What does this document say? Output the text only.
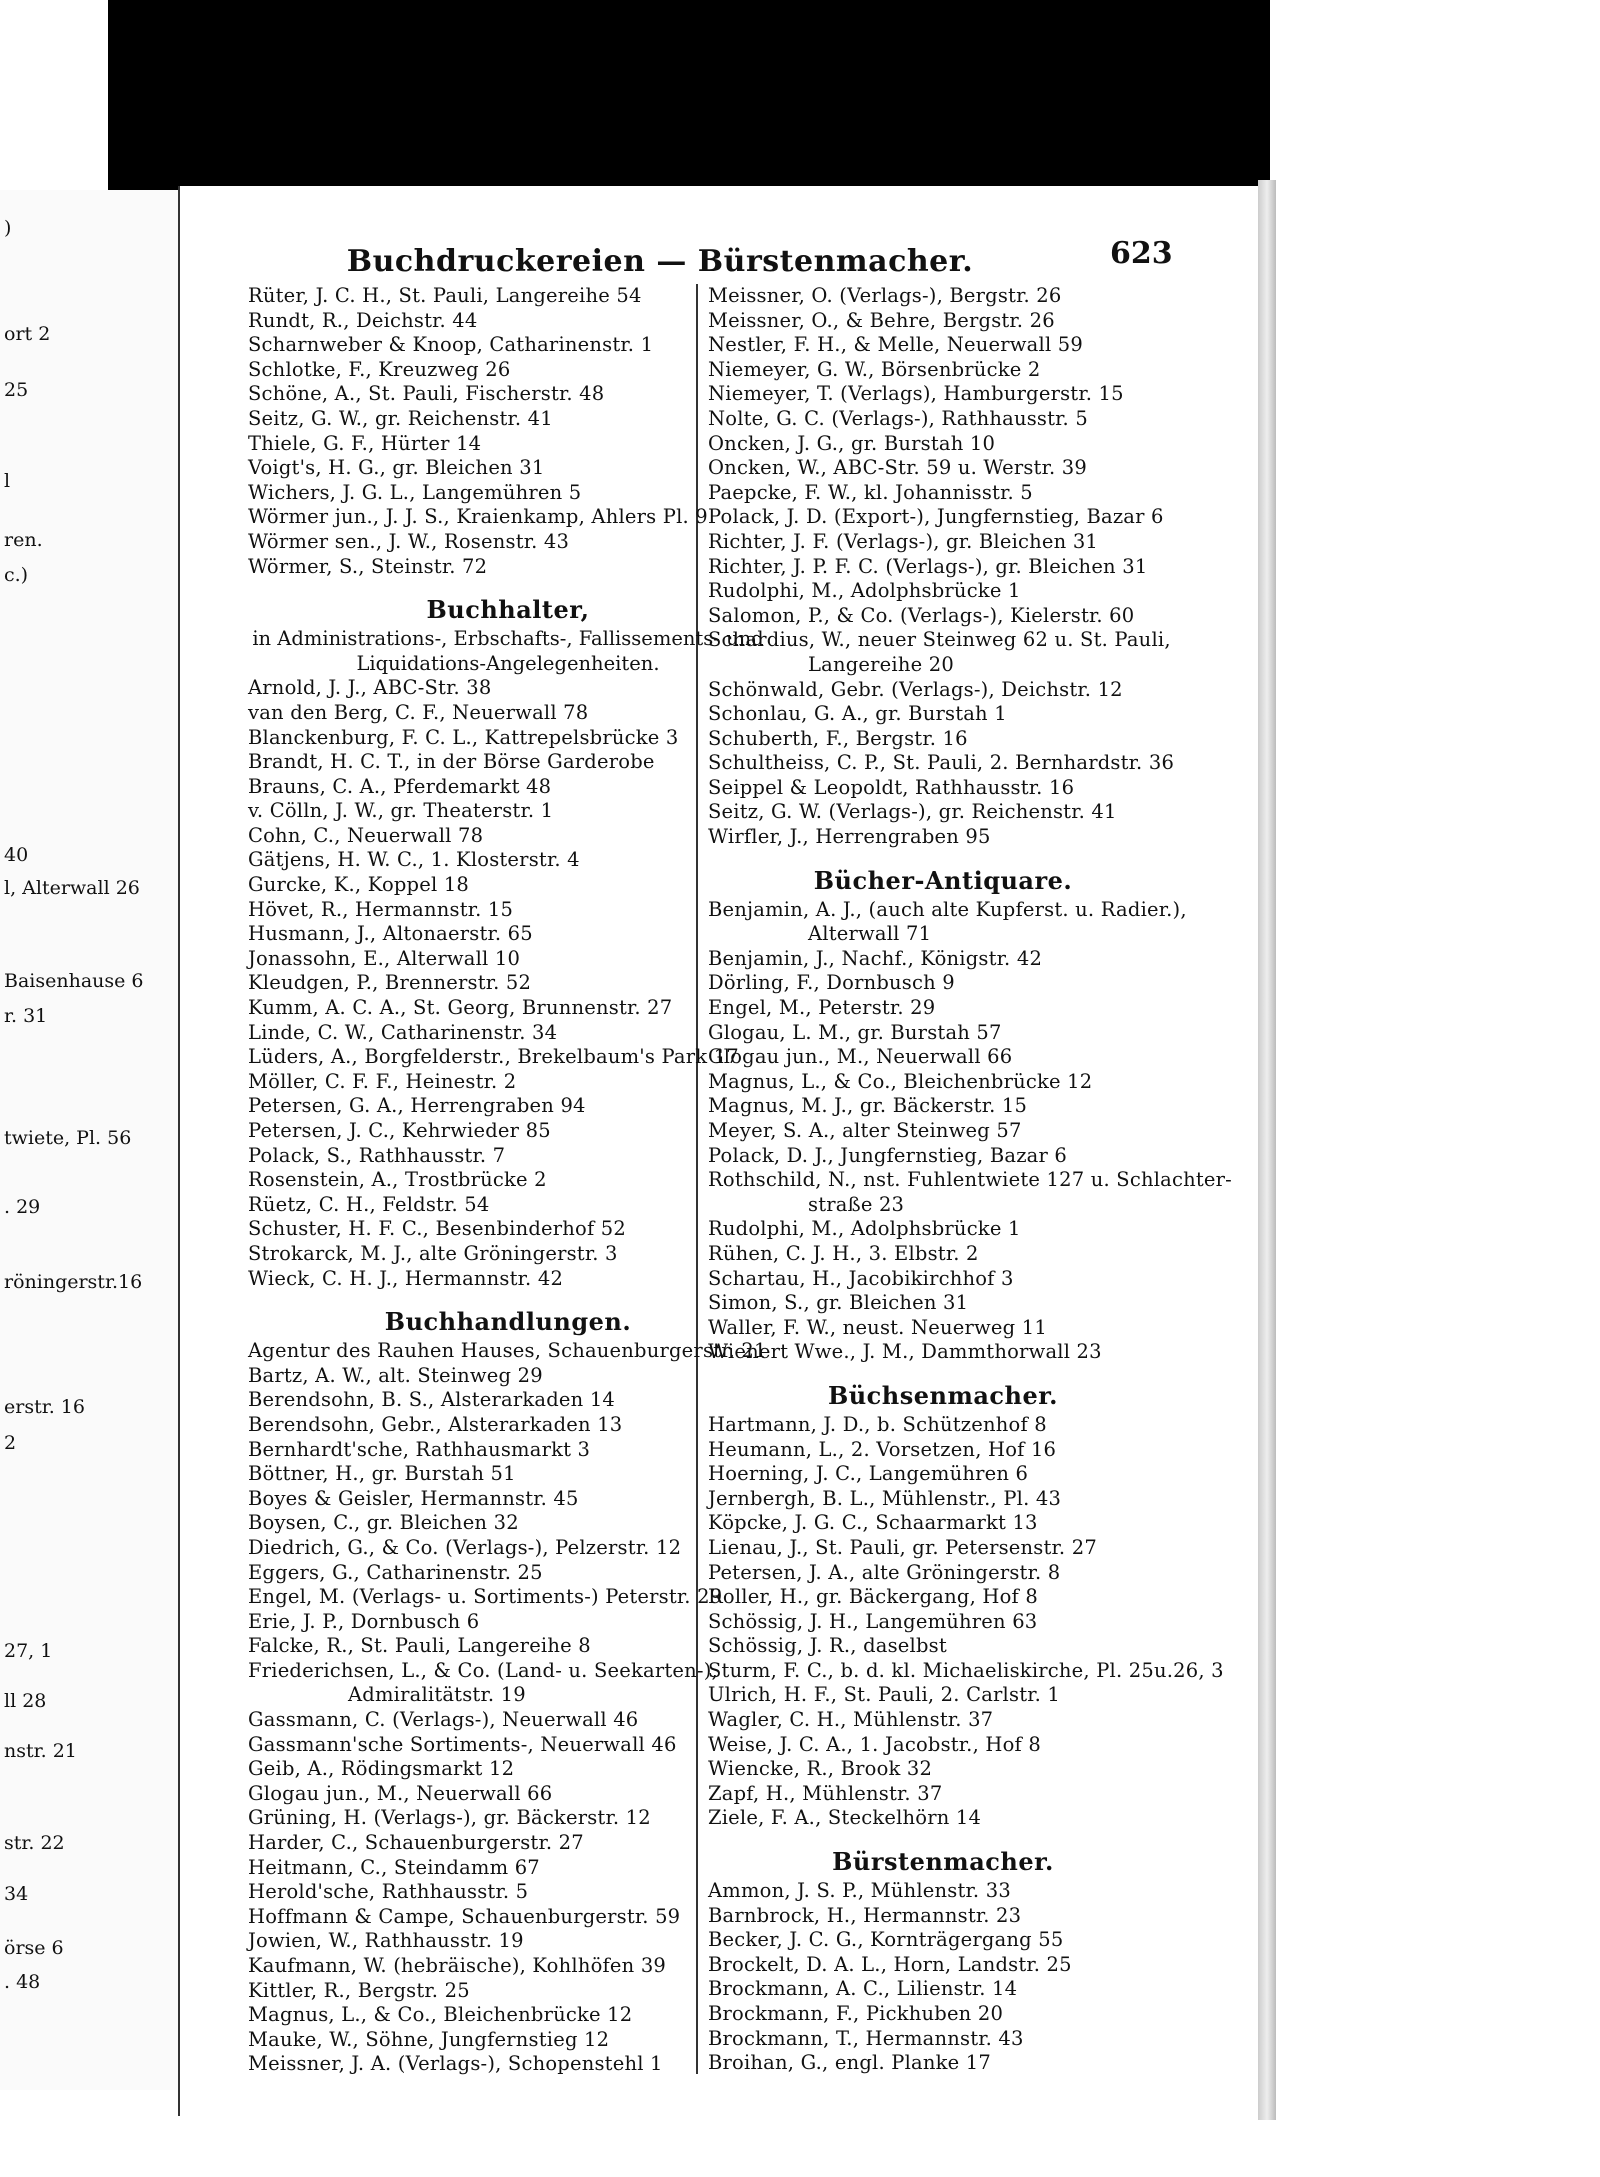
)
ort 2
25
l
ren.
c.)
40
l, Alterwall 26
Baisenhause 6
r. 31
twiete, Pl. 56
. 29
röningerstr.16
erstr. 16
2
27, 1
ll 28
nstr. 21
str. 22
34
örse 6
. 48
Buchdruckereien — Bürstenmacher.	623
Rüter, J. C. H., St. Pauli, Langereihe 54
Rundt, R., Deichstr. 44
Scharnweber & Knoop, Catharinenstr. 1
Schlotke, F., Kreuzweg 26
Schöne, A., St. Pauli, Fischerstr. 48
Seitz, G. W., gr. Reichenstr. 41
Thiele, G. F., Hürter 14
Voigt's, H. G., gr. Bleichen 31
Wichers, J. G. L., Langemühren 5
Wörmer jun., J. J. S., Kraienkamp, Ahlers Pl. 9
Wörmer sen., J. W., Rosenstr. 43
Wörmer, S., Steinstr. 72
Buchhalter,
in Administrations-, Erbschafts-, Fallissements- und
Liquidations-Angelegenheiten.
Arnold, J. J., ABC-Str. 38
van den Berg, C. F., Neuerwall 78
Blanckenburg, F. C. L., Kattrepelsbrücke 3
Brandt, H. C. T., in der Börse Garderobe
Brauns, C. A., Pferdemarkt 48
v. Cölln, J. W., gr. Theaterstr. 1
Cohn, C., Neuerwall 78
Gätjens, H. W. C., 1. Klosterstr. 4
Gurcke, K., Koppel 18
Hövet, R., Hermannstr. 15
Husmann, J., Altonaerstr. 65
Jonassohn, E., Alterwall 10
Kleudgen, P., Brennerstr. 52
Kumm, A. C. A., St. Georg, Brunnenstr. 27
Linde, C. W., Catharinenstr. 34
Lüders, A., Borgfelderstr., Brekelbaum's Park 17
Möller, C. F. F., Heinestr. 2
Petersen, G. A., Herrengraben 94
Petersen, J. C., Kehrwieder 85
Polack, S., Rathhausstr. 7
Rosenstein, A., Trostbrücke 2
Rüetz, C. H., Feldstr. 54
Schuster, H. F. C., Besenbinderhof 52
Strokarck, M. J., alte Gröningerstr. 3
Wieck, C. H. J., Hermannstr. 42
Buchhandlungen.
Agentur des Rauhen Hauses, Schauenburgerstr. 21
Bartz, A. W., alt. Steinweg 29
Berendsohn, B. S., Alsterarkaden 14
Berendsohn, Gebr., Alsterarkaden 13
Bernhardt'sche, Rathhausmarkt 3
Böttner, H., gr. Burstah 51
Boyes & Geisler, Hermannstr. 45
Boysen, C., gr. Bleichen 32
Diedrich, G., & Co. (Verlags-), Pelzerstr. 12
Eggers, G., Catharinenstr. 25
Engel, M. (Verlags- u. Sortiments-) Peterstr. 29
Erie, J. P., Dornbusch 6
Falcke, R., St. Pauli, Langereihe 8
Friederichsen, L., & Co. (Land- u. Seekarten-),
Admiralitätstr. 19
Gassmann, C. (Verlags-), Neuerwall 46
Gassmann'sche Sortiments-, Neuerwall 46
Geib, A., Rödingsmarkt 12
Glogau jun., M., Neuerwall 66
Grüning, H. (Verlags-), gr. Bäckerstr. 12
Harder, C., Schauenburgerstr. 27
Heitmann, C., Steindamm 67
Herold'sche, Rathhausstr. 5
Hoffmann & Campe, Schauenburgerstr. 59
Jowien, W., Rathhausstr. 19
Kaufmann, W. (hebräische), Kohlhöfen 39
Kittler, R., Bergstr. 25
Magnus, L., & Co., Bleichenbrücke 12
Mauke, W., Söhne, Jungfernstieg 12
Meissner, J. A. (Verlags-), Schopenstehl 1
Meissner, O. (Verlags-), Bergstr. 26
Meissner, O., & Behre, Bergstr. 26
Nestler, F. H., & Melle, Neuerwall 59
Niemeyer, G. W., Börsenbrücke 2
Niemeyer, T. (Verlags), Hamburgerstr. 15
Nolte, G. C. (Verlags-), Rathhausstr. 5
Oncken, J. G., gr. Burstah 10
Oncken, W., ABC-Str. 59 u. Werstr. 39
Paepcke, F. W., kl. Johannisstr. 5
Polack, J. D. (Export-), Jungfernstieg, Bazar 6
Richter, J. F. (Verlags-), gr. Bleichen 31
Richter, J. P. F. C. (Verlags-), gr. Bleichen 31
Rudolphi, M., Adolphsbrücke 1
Salomon, P., & Co. (Verlags-), Kielerstr. 60
Schardius, W., neuer Steinweg 62 u. St. Pauli,
Langereihe 20
Schönwald, Gebr. (Verlags-), Deichstr. 12
Schonlau, G. A., gr. Burstah 1
Schuberth, F., Bergstr. 16
Schultheiss, C. P., St. Pauli, 2. Bernhardstr. 36
Seippel & Leopoldt, Rathhausstr. 16
Seitz, G. W. (Verlags-), gr. Reichenstr. 41
Wirfler, J., Herrengraben 95
Bücher-Antiquare.
Benjamin, A. J., (auch alte Kupferst. u. Radier.),
Alterwall 71
Benjamin, J., Nachf., Königstr. 42
Dörling, F., Dornbusch 9
Engel, M., Peterstr. 29
Glogau, L. M., gr. Burstah 57
Glogau jun., M., Neuerwall 66
Magnus, L., & Co., Bleichenbrücke 12
Magnus, M. J., gr. Bäckerstr. 15
Meyer, S. A., alter Steinweg 57
Polack, D. J., Jungfernstieg, Bazar 6
Rothschild, N., nst. Fuhlentwiete 127 u. Schlachter-
straße 23
Rudolphi, M., Adolphsbrücke 1
Rühen, C. J. H., 3. Elbstr. 2
Schartau, H., Jacobikirchhof 3
Simon, S., gr. Bleichen 31
Waller, F. W., neust. Neuerweg 11
Wienert Wwe., J. M., Dammthorwall 23
Büchsenmacher.
Hartmann, J. D., b. Schützenhof 8
Heumann, L., 2. Vorsetzen, Hof 16
Hoerning, J. C., Langemühren 6
Jernbergh, B. L., Mühlenstr., Pl. 43
Köpcke, J. G. C., Schaarmarkt 13
Lienau, J., St. Pauli, gr. Petersenstr. 27
Petersen, J. A., alte Gröningerstr. 8
Roller, H., gr. Bäckergang, Hof 8
Schössig, J. H., Langemühren 63
Schössig, J. R., daselbst
Sturm, F. C., b. d. kl. Michaeliskirche, Pl. 25u.26, 3
Ulrich, H. F., St. Pauli, 2. Carlstr. 1
Wagler, C. H., Mühlenstr. 37
Weise, J. C. A., 1. Jacobstr., Hof 8
Wiencke, R., Brook 32
Zapf, H., Mühlenstr. 37
Ziele, F. A., Steckelhörn 14
Bürstenmacher.
Ammon, J. S. P., Mühlenstr. 33
Barnbrock, H., Hermannstr. 23
Becker, J. C. G., Kornträgergang 55
Brockelt, D. A. L., Horn, Landstr. 25
Brockmann, A. C., Lilienstr. 14
Brockmann, F., Pickhuben 20
Brockmann, T., Hermannstr. 43
Broihan, G., engl. Planke 17
